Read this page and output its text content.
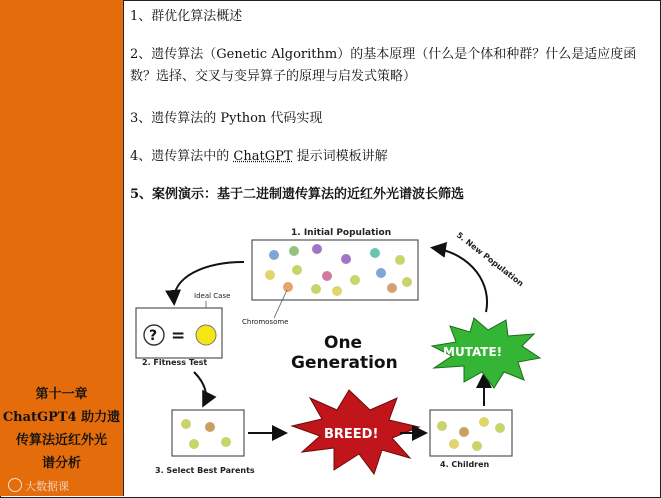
第十一章
ChatGPT4 助力遗
传算法近红外光
谱分析
大数据课
1、群优化算法概述
2、遗传算法（Genetic Algorithm）的基本原理（什么是个体和种群？什么是适应度函数？选择、交叉与变异算子的原理与启发式策略）
3、遗传算法的 Python 代码实现
4、遗传算法中的 ChatGPT 提示词模板讲解
5、案例演示：基于二进制遗传算法的近红外光谱波长筛选
1. Initial Population
Chromosome
Ideal Case
? =
2. Fitness Test
One
Generation
3. Select Best Parents
BREED!
4. Children
MUTATE!
5. New Population
